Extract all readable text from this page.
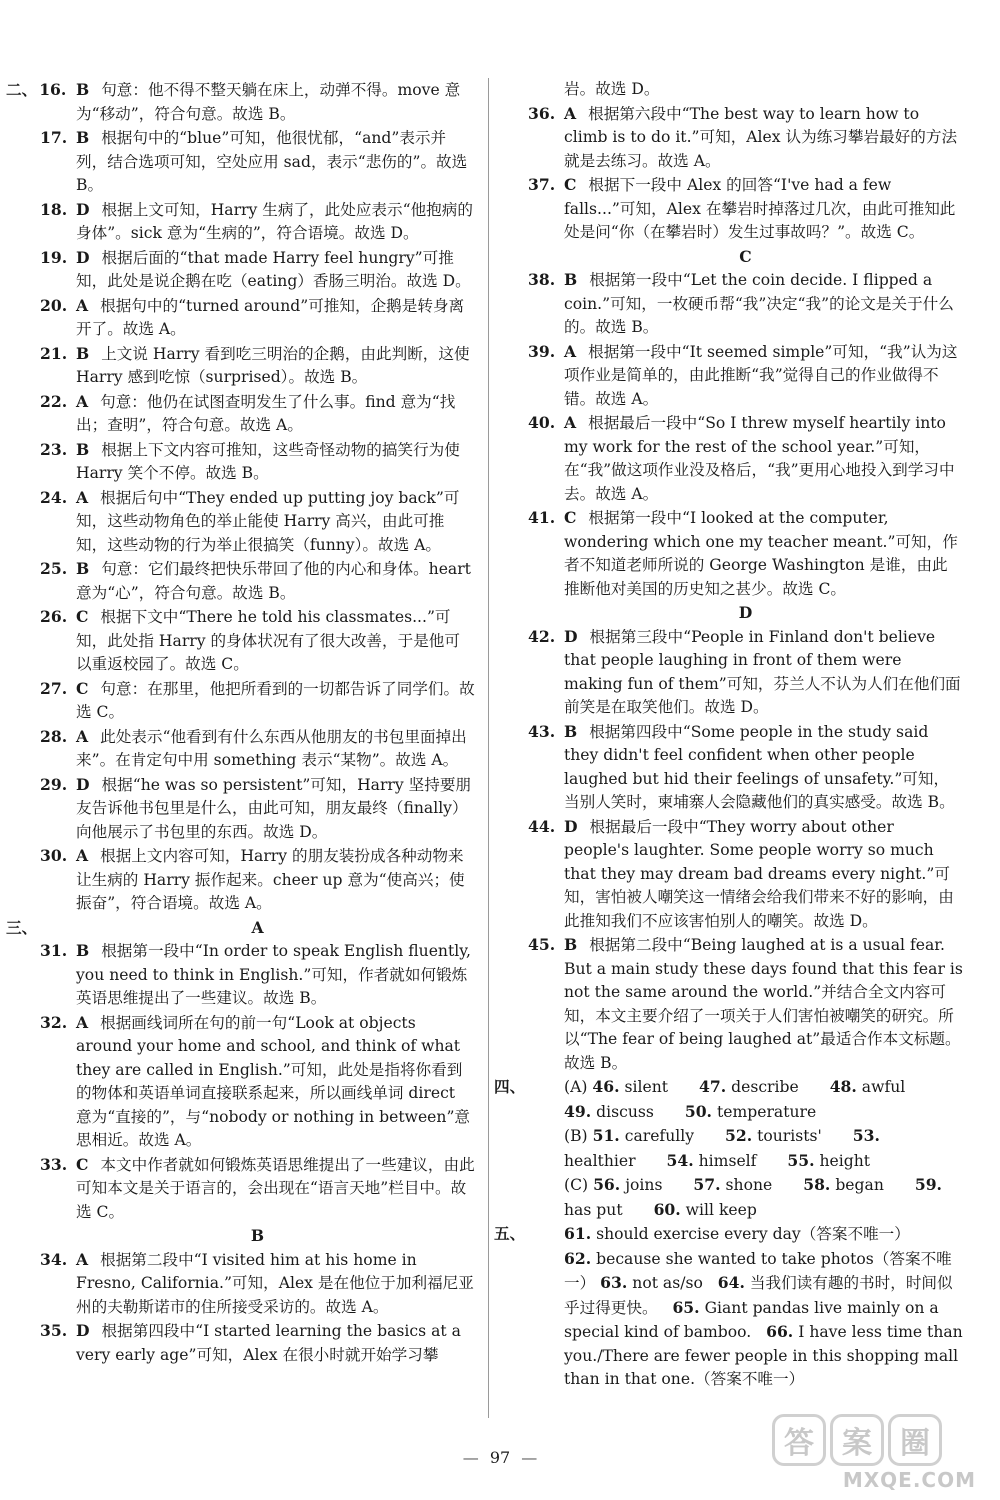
二、 16. B 句意：他不得不整天躺在床上，动弹不得。move 意为“移动”，符合句意。故选 B。

17. B 根据句中的“blue”可知，他很忧郁，“and”表示并列，结合选项可知，空处应用 sad，表示“悲伤的”。故选 B。

18. D 根据上文可知，Harry 生病了，此处应表示“他抱病的身体”。sick 意为“生病的”，符合语境。故选 D。

19. D 根据后面的“that made Harry feel hungry”可推知，此处是说企鹅在吃（eating）香肠三明治。故选 D。

20. A 根据句中的“turned around”可推知，企鹅是转身离开了。故选 A。

21. B 上文说 Harry 看到吃三明治的企鹅，由此判断，这使 Harry 感到吃惊（surprised）。故选 B。

22. A 句意：他仍在试图查明发生了什么事。find 意为“找出；查明”，符合句意。故选 A。

23. B 根据上下文内容可推知，这些奇怪动物的搞笑行为使 Harry 笑个不停。故选 B。

24. A 根据后句中“They ended up putting joy back”可知，这些动物角色的举止能使 Harry 高兴，由此可推知，这些动物的行为举止很搞笑（funny）。故选 A。

25. B 句意：它们最终把快乐带回了他的内心和身体。heart 意为“心”，符合句意。故选 B。

26. C 根据下文中“There he told his classmates...”可知，此处指 Harry 的身体状况有了很大改善，于是他可以重返校园了。故选 C。

27. C 句意：在那里，他把所看到的一切都告诉了同学们。故选 C。

28. A 此处表示“他看到有什么东西从他朋友的书包里面掉出来”。在肯定句中用 something 表示“某物”。故选 A。

29. D 根据“he was so persistent”可知，Harry 坚持要朋友告诉他书包里是什么，由此可知，朋友最终（finally）向他展示了书包里的东西。故选 D。

30. A 根据上文内容可知，Harry 的朋友装扮成各种动物来让生病的 Harry 振作起来。cheer up 意为“使高兴；使振奋”，符合语境。故选 A。

三、	A

31. B 根据第一段中“In order to speak English fluently, you need to think in English.”可知，作者就如何锻炼英语思维提出了一些建议。故选 B。

32. A 根据画线词所在句的前一句“Look at objects around your home and school, and think of what they are called in English.”可知，此处是指将你看到的物体和英语单词直接联系起来，所以画线单词 direct 意为“直接的”，与“nobody or nothing in between”意思相近。故选 A。

33. C 本文中作者就如何锻炼英语思维提出了一些建议，由此可知本文是关于语言的，会出现在“语言天地”栏目中。故选 C。

B

34. A 根据第二段中“I visited him at his home in Fresno, California.”可知，Alex 是在他位于加利福尼亚州的夫勒斯诺市的住所接受采访的。故选 A。

35. D 根据第四段中“I started learning the basics at a very early age”可知，Alex 在很小时就开始学习攀

岩。故选 D。

36. A 根据第六段中“The best way to learn how to climb is to do it.”可知，Alex 认为练习攀岩最好的方法就是去练习。故选 A。

37. C 根据下一段中 Alex 的回答“I've had a few falls...”可知，Alex 在攀岩时掉落过几次，由此可推知此处是问“你（在攀岩时）发生过事故吗？”。故选 C。

C

38. B 根据第一段中“Let the coin decide. I flipped a coin.”可知，一枚硬币帮“我”决定“我”的论文是关于什么的。故选 B。

39. A 根据第一段中“It seemed simple”可知，“我”认为这项作业是简单的，由此推断“我”觉得自己的作业做得不错。故选 A。

40. A 根据最后一段中“So I threw myself heartily into my work for the rest of the school year.”可知，在“我”做这项作业没及格后，“我”更用心地投入到学习中去。故选 A。

41. C 根据第一段中“I looked at the computer, wondering which one my teacher meant.”可知，作者不知道老师所说的 George Washington 是谁，由此推断他对美国的历史知之甚少。故选 C。

D

42. D 根据第三段中“People in Finland don't believe that people laughing in front of them were making fun of them”可知，芬兰人不认为人们在他们面前笑是在取笑他们。故选 D。

43. B 根据第四段中“Some people in the study said they didn't feel confident when other people laughed but hid their feelings of unsafety.”可知，当别人笑时，柬埔寨人会隐藏他们的真实感受。故选 B。

44. D 根据最后一段中“They worry about other people's laughter. Some people worry so much that they may dream bad dreams every night.”可知，害怕被人嘲笑这一情绪会给我们带来不好的影响，由此推知我们不应该害怕别人的嘲笑。故选 D。

45. B 根据第二段中“Being laughed at is a usual fear. But a main study these days found that this fear is not the same around the world.”并结合全文内容可知，本文主要介绍了一项关于人们害怕被嘲笑的研究。所以“The fear of being laughed at”最适合作本文标题。故选 B。

四、 (A) 46. silent 47. describe 48. awful 49. discuss 50. temperature

(B) 51. carefully 52. tourists' 53. healthier 54. himself 55. height

(C) 56. joins 57. shone 58. began 59. has put 60. will keep

五、 61. should exercise every day（答案不唯一）

62. because she wanted to take photos（答案不唯一） 63. not as/so 64. 当我们读有趣的书时，时间似乎过得更快。 65. Giant pandas live mainly on a special kind of bamboo. 66. I have less time than you./There are fewer people in this shopping mall than in that one.（答案不唯一）

— 97 —	答 案 圈
MXQE.COM
